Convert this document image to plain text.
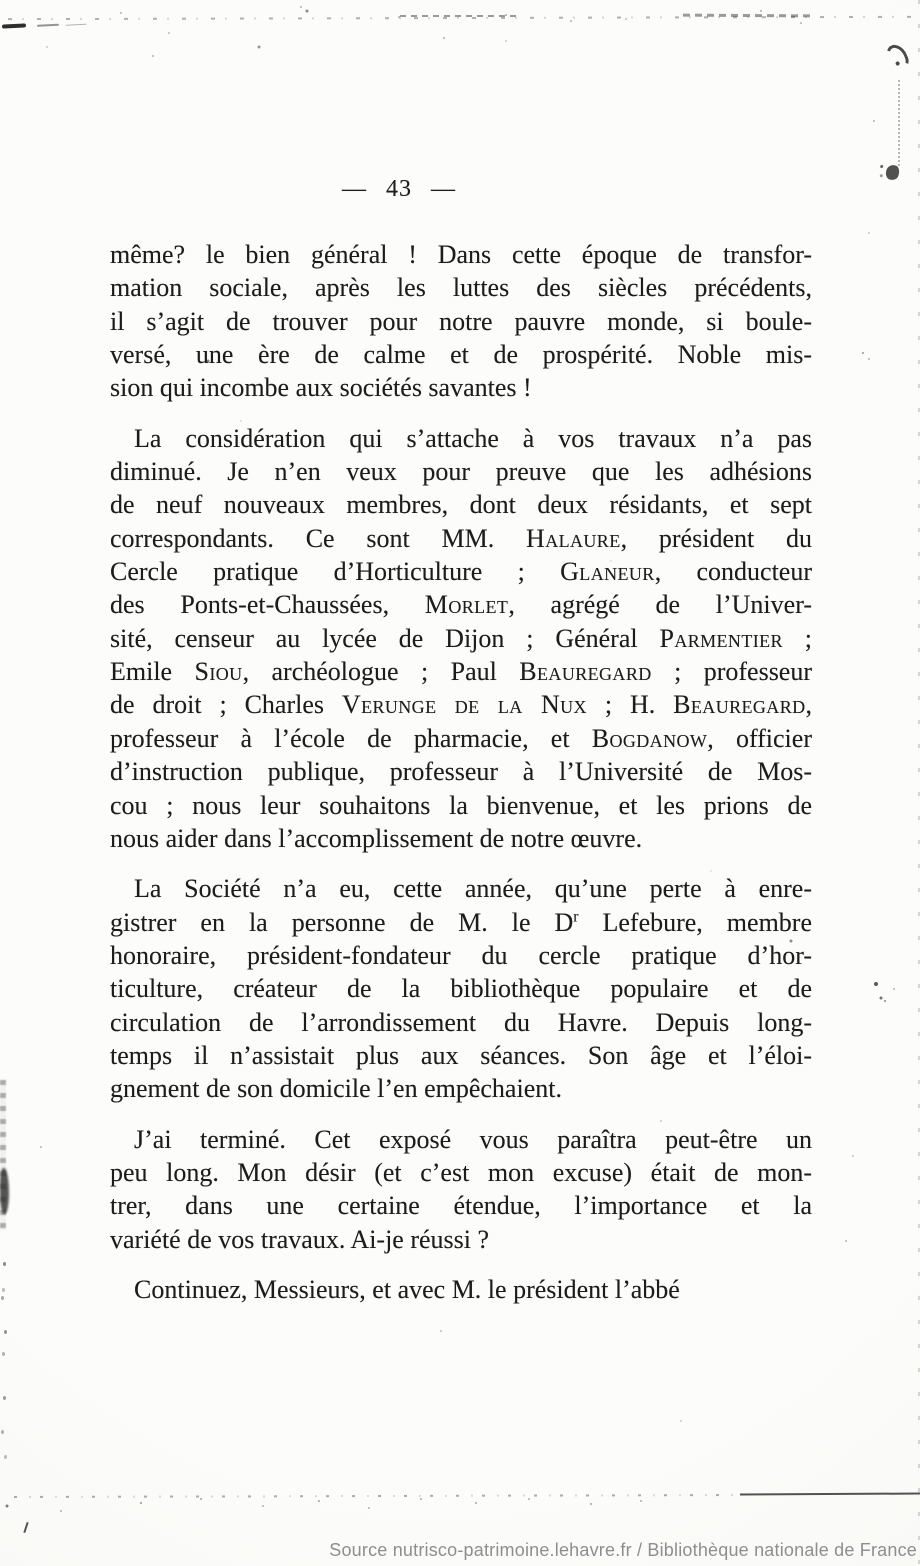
— 43 —
même? le bien général ! Dans cette époque de transfor-
mation sociale, après les luttes des siècles précédents,
il s’agit de trouver pour notre pauvre monde, si boule-
versé, une ère de calme et de prospérité. Noble mis-
sion qui incombe aux sociétés savantes !
La considération qui s’attache à vos travaux n’a pas
diminué. Je n’en veux pour preuve que les adhésions
de neuf nouveaux membres, dont deux résidants, et sept
correspondants. Ce sont MM. Halaure, président du
Cercle pratique d’Horticulture ; Glaneur, conducteur
des Ponts-et-Chaussées, Morlet, agrégé de l’Univer-
sité, censeur au lycée de Dijon ; Général Parmentier ;
Emile Siou, archéologue ; Paul Beauregard ; professeur
de droit ; Charles Verunge de la Nux ; H. Beauregard,
professeur à l’école de pharmacie, et Bogdanow, officier
d’instruction publique, professeur à l’Université de Mos-
cou ; nous leur souhaitons la bienvenue, et les prions de
nous aider dans l’accomplissement de notre œuvre.
La Société n’a eu, cette année, qu’une perte à enre-
gistrer en la personne de M. le $D^r$ Lefebure, membre
honoraire, président-fondateur du cercle pratique d’hor-
ticulture, créateur de la bibliothèque populaire et de
circulation de l’arrondissement du Havre. Depuis long-
temps il n’assistait plus aux séances. Son âge et l’éloi-
gnement de son domicile l’en empêchaient.
J’ai terminé. Cet exposé vous paraîtra peut-être un
peu long. Mon désir (et c’est mon excuse) était de mon-
trer, dans une certaine étendue, l’importance et la
variété de vos travaux. Ai-je réussi ?
Continuez, Messieurs, et avec M. le président l’abbé
Source nutrisco-patrimoine.lehavre.fr / Bibliothèque nationale de France
